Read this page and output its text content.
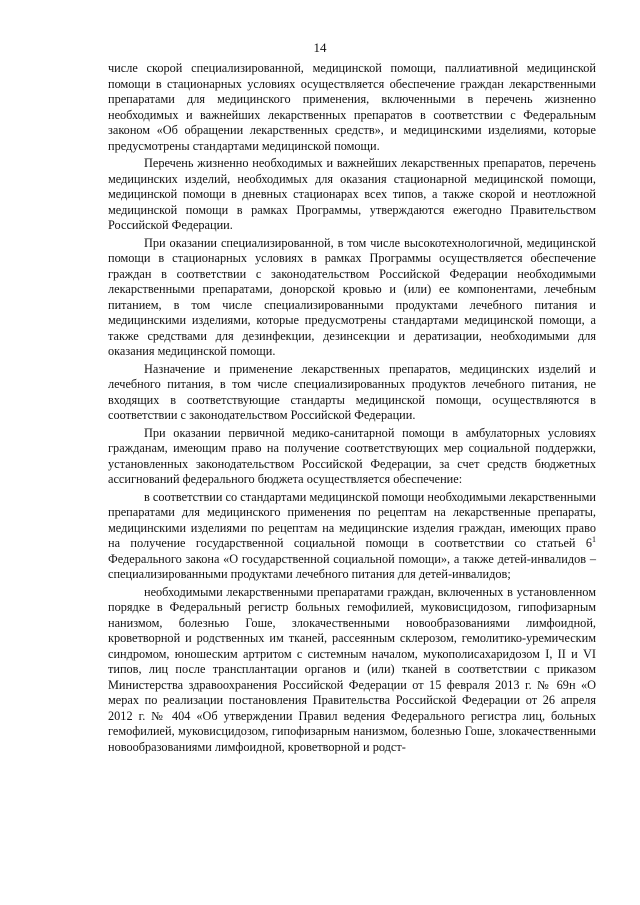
14

числе скорой специализированной, медицинской помощи, паллиативной медицинской помощи в стационарных условиях осуществляется обеспечение граждан лекарственными препаратами для медицинского применения, включенными в перечень жизненно необходимых и важнейших лекарственных препаратов в соответствии с Федеральным законом «Об обращении лекарственных средств», и медицинскими изделиями, которые предусмотрены стандартами медицинской помощи.

Перечень жизненно необходимых и важнейших лекарственных препаратов, перечень медицинских изделий, необходимых для оказания стационарной медицинской помощи, медицинской помощи в дневных стационарах всех типов, а также скорой и неотложной медицинской помощи в рамках Программы, утверждаются ежегодно Правительством Российской Федерации.

При оказании специализированной, в том числе высокотехнологичной, медицинской помощи в стационарных условиях в рамках Программы осуществляется обеспечение граждан в соответствии с законодательством Российской Федерации необходимыми лекарственными препаратами, донорской кровью и (или) ее компонентами, лечебным питанием, в том числе специализированными продуктами лечебного питания и медицинскими изделиями, которые предусмотрены стандартами медицинской помощи, а также средствами для дезинфекции, дезинсекции и дератизации, необходимыми для оказания медицинской помощи.

Назначение и применение лекарственных препаратов, медицинских изделий и лечебного питания, в том числе специализированных продуктов лечебного питания, не входящих в соответствующие стандарты медицинской помощи, осуществляются в соответствии с законодательством Российской Федерации.

При оказании первичной медико-санитарной помощи в амбулаторных условиях гражданам, имеющим право на получение соответствующих мер социальной поддержки, установленных законодательством Российской Федерации, за счет средств бюджетных ассигнований федерального бюджета осуществляется обеспечение:

в соответствии со стандартами медицинской помощи необходимыми лекарственными препаратами для медицинского применения по рецептам на лекарственные препараты, медицинскими изделиями по рецептам на медицинские изделия граждан, имеющих право на получение государственной социальной помощи в соответствии со статьей $6^1$ Федерального закона «О государственной социальной помощи», а также детей-инвалидов – специализированными продуктами лечебного питания для детей-инвалидов;

необходимыми лекарственными препаратами граждан, включенных в установленном порядке в Федеральный регистр больных гемофилией, муковисцидозом, гипофизарным нанизмом, болезнью Гоше, злокачественными новообразованиями лимфоидной, кроветворной и родственных им тканей, рассеянным склерозом, гемолитико-уремическим синдромом, юношеским артритом с системным началом, мукополисахаридозом I, II и VI типов, лиц после трансплантации органов и (или) тканей в соответствии с приказом Министерства здравоохранения Российской Федерации от 15 февраля 2013 г. № 69н «О мерах по реализации постановления Правительства Российской Федерации от 26 апреля 2012 г. № 404 «Об утверждении Правил ведения Федерального регистра лиц, больных гемофилией, муковисцидозом, гипофизарным нанизмом, болезнью Гоше, злокачественными новообразованиями лимфоидной, кроветворной и родст-
